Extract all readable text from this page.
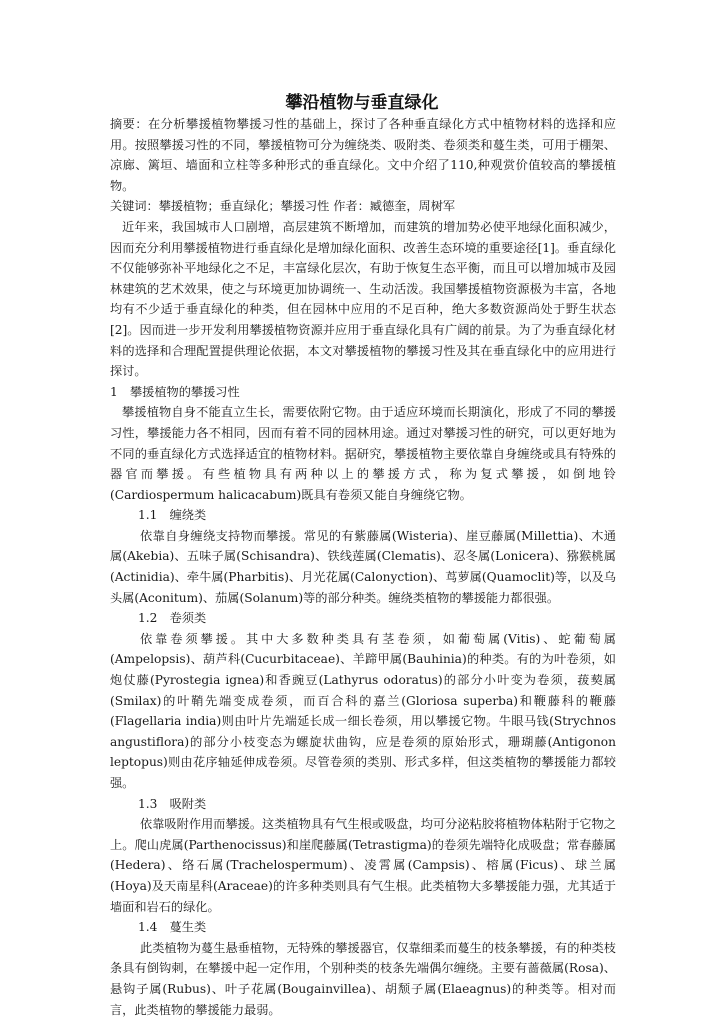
攀沿植物与垂直绿化

摘要：在分析攀援植物攀援习性的基础上，探讨了各种垂直绿化方式中植物材料的选择和应用。按照攀援习性的不同，攀援植物可分为缠绕类、吸附类、卷须类和蔓生类，可用于棚架、凉廊、篱垣、墙面和立柱等多种形式的垂直绿化。文中介绍了110,种观赏价值较高的攀援植物。

关键词：攀援植物；垂直绿化；攀援习性 作者：臧德奎，周树军

近年来，我国城市人口剧增，高层建筑不断增加，而建筑的增加势必使平地绿化面积减少，因而充分利用攀援植物进行垂直绿化是增加绿化面积、改善生态环境的重要途径[1]。垂直绿化不仅能够弥补平地绿化之不足，丰富绿化层次，有助于恢复生态平衡，而且可以增加城市及园林建筑的艺术效果，使之与环境更加协调统一、生动活泼。我国攀援植物资源极为丰富，各地均有不少适于垂直绿化的种类，但在园林中应用的不足百种，绝大多数资源尚处于野生状态[2]。因而进一步开发利用攀援植物资源并应用于垂直绿化具有广阔的前景。为了为垂直绿化材料的选择和合理配置提供理论依据，本文对攀援植物的攀援习性及其在垂直绿化中的应用进行探讨。

1　攀援植物的攀援习性

攀援植物自身不能直立生长，需要依附它物。由于适应环境而长期演化，形成了不同的攀援习性，攀援能力各不相同，因而有着不同的园林用途。通过对攀援习性的研究，可以更好地为不同的垂直绿化方式选择适宜的植物材料。据研究，攀援植物主要依靠自身缠绕或具有特殊的器官而攀援。有些植物具有两种以上的攀援方式，称为复式攀援，如倒地铃(Cardiospermum halicacabum)既具有卷须又能自身缠绕它物。

1.1　缠绕类

依靠自身缠绕支持物而攀援。常见的有紫藤属(Wisteria)、崖豆藤属(Millettia)、木通属(Akebia)、五味子属(Schisandra)、铁线莲属(Clematis)、忍冬属(Lonicera)、猕猴桃属(Actinidia)、牵牛属(Pharbitis)、月光花属(Calonyction)、茑萝属(Quamoclit)等，以及乌头属(Aconitum)、茄属(Solanum)等的部分种类。缠绕类植物的攀援能力都很强。

1.2　卷须类

依靠卷须攀援。其中大多数种类具有茎卷须，如葡萄属(Vitis)、蛇葡萄属(Ampelopsis)、葫芦科(Cucurbitaceae)、羊蹄甲属(Bauhinia)的种类。有的为叶卷须，如炮仗藤(Pyrostegia ignea)和香豌豆(Lathyrus odoratus)的部分小叶变为卷须，菝葜属(Smilax)的叶鞘先端变成卷须，而百合科的嘉兰(Gloriosa superba)和鞭藤科的鞭藤(Flagellaria india)则由叶片先端延长成一细长卷须，用以攀援它物。牛眼马钱(Strychnos angustiflora)的部分小枝变态为螺旋状曲钩，应是卷须的原始形式，珊瑚藤(Antigonon leptopus)则由花序轴延伸成卷须。尽管卷须的类别、形式多样，但这类植物的攀援能力都较强。

1.3　吸附类

依靠吸附作用而攀援。这类植物具有气生根或吸盘，均可分泌粘胶将植物体粘附于它物之上。爬山虎属(Parthenocissus)和崖爬藤属(Tetrastigma)的卷须先端特化成吸盘；常春藤属(Hedera)、络石属(Trachelospermum)、凌霄属(Campsis)、榕属(Ficus)、球兰属(Hoya)及天南星科(Araceae)的许多种类则具有气生根。此类植物大多攀援能力强，尤其适于墙面和岩石的绿化。

1.4　蔓生类

此类植物为蔓生悬垂植物，无特殊的攀援器官，仅靠细柔而蔓生的枝条攀援，有的种类枝条具有倒钩刺，在攀援中起一定作用，个别种类的枝条先端偶尔缠绕。主要有蔷薇属(Rosa)、悬钩子属(Rubus)、叶子花属(Bougainvillea)、胡颓子属(Elaeagnus)的种类等。相对而言，此类植物的攀援能力最弱。
